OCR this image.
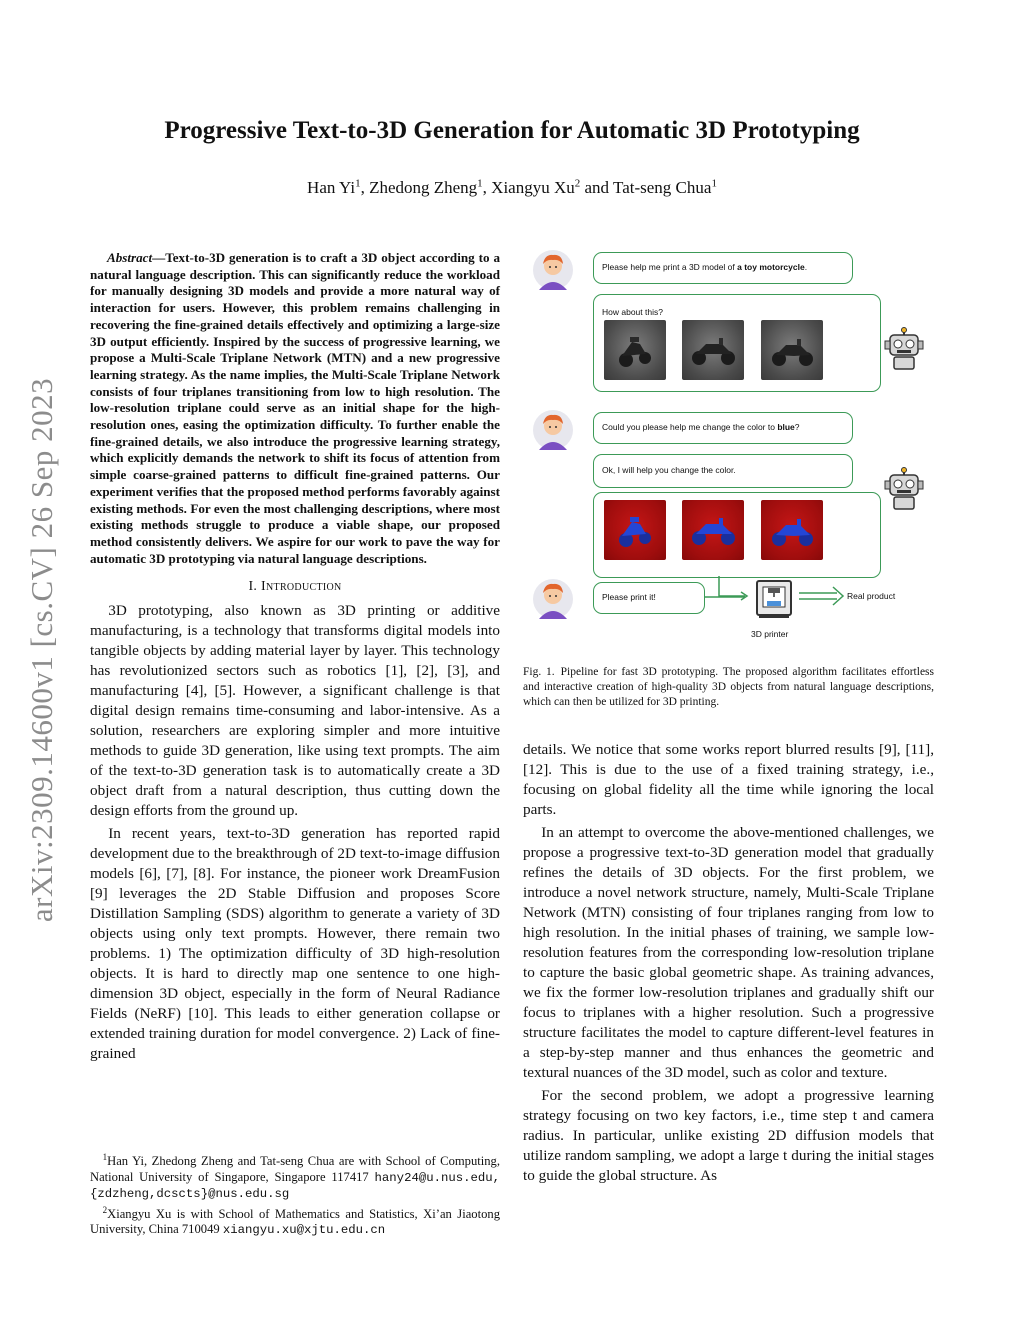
arXiv:2309.14600v1 [cs.CV] 26 Sep 2023
Progressive Text-to-3D Generation for Automatic 3D Prototyping
Han Yi$^1$, Zhedong Zheng$^1$, Xiangyu Xu$^2$ and Tat-seng Chua$^1$

Abstract—Text-to-3D generation is to craft a 3D object according to a natural language description. This can significantly reduce the workload for manually designing 3D models and provide a more natural way of interaction for users. However, this problem remains challenging in recovering the fine-grained details effectively and optimizing a large-size 3D output efficiently. Inspired by the success of progressive learning, we propose a Multi-Scale Triplane Network (MTN) and a new progressive learning strategy. As the name implies, the Multi-Scale Triplane Network consists of four triplanes transitioning from low to high resolution. The low-resolution triplane could serve as an initial shape for the high-resolution ones, easing the optimization difficulty. To further enable the fine-grained details, we also introduce the progressive learning strategy, which explicitly demands the network to shift its focus of attention from simple coarse-grained patterns to difficult fine-grained patterns. Our experiment verifies that the proposed method performs favorably against existing methods. For even the most challenging descriptions, where most existing methods struggle to produce a viable shape, our proposed method consistently delivers. We aspire for our work to pave the way for automatic 3D prototyping via natural language descriptions.

I. Introduction

3D prototyping, also known as 3D printing or additive manufacturing, is a technology that transforms digital models into tangible objects by adding material layer by layer. This technology has revolutionized sectors such as robotics [1], [2], [3], and manufacturing [4], [5]. However, a significant challenge is that digital design remains time-consuming and labor-intensive. As a solution, researchers are exploring simpler and more intuitive methods to guide 3D generation, like using text prompts. The aim of the text-to-3D generation task is to automatically create a 3D object draft from a natural description, thus cutting down the design efforts from the ground up.

In recent years, text-to-3D generation has reported rapid development due to the breakthrough of 2D text-to-image diffusion models [6], [7], [8]. For instance, the pioneer work DreamFusion [9] leverages the 2D Stable Diffusion and proposes Score Distillation Sampling (SDS) algorithm to generate a variety of 3D objects using only text prompts. However, there remain two problems. 1) The optimization difficulty of 3D high-resolution objects. It is hard to directly map one sentence to one high-dimension 3D object, especially in the form of Neural Radiance Fields (NeRF) [10]. This leads to either generation collapse or extended training duration for model convergence. 2) Lack of fine-grained

$^1$Han Yi, Zhedong Zheng and Tat-seng Chua are with School of Computing, National University of Singapore, Singapore 117417 hany24@u.nus.edu, {zdzheng,dcscts}@nus.edu.sg

$^2$Xiangyu Xu is with School of Mathematics and Statistics, Xi’an Jiaotong University, China 710049 xiangyu.xu@xjtu.edu.cn

Please help me print a 3D model of a toy motorcycle.
How about this?
Could you please help me change the color to blue?
Ok, I will help you change the color.
Please print it!
3D printer
Real product
Fig. 1. Pipeline for fast 3D prototyping. The proposed algorithm facilitates effortless and interactive creation of high-quality 3D objects from natural language descriptions, which can then be utilized for 3D printing.

details. We notice that some works report blurred results [9], [11], [12]. This is due to the use of a fixed training strategy, i.e., focusing on global fidelity all the time while ignoring the local parts.

In an attempt to overcome the above-mentioned challenges, we propose a progressive text-to-3D generation model that gradually refines the details of 3D objects. For the first problem, we introduce a novel network structure, namely, Multi-Scale Triplane Network (MTN) consisting of four triplanes ranging from low to high resolution. In the initial phases of training, we sample low-resolution features from the corresponding low-resolution triplane to capture the basic global geometric shape. As training advances, we fix the former low-resolution triplanes and gradually shift our focus to triplanes with a higher resolution. Such a progressive structure facilitates the model to capture different-level features in a step-by-step manner and thus enhances the geometric and textural nuances of the 3D model, such as color and texture.

For the second problem, we adopt a progressive learning strategy focusing on two key factors, i.e., time step t and camera radius. In particular, unlike existing 2D diffusion models that utilize random sampling, we adopt a large t during the initial stages to guide the global structure. As
